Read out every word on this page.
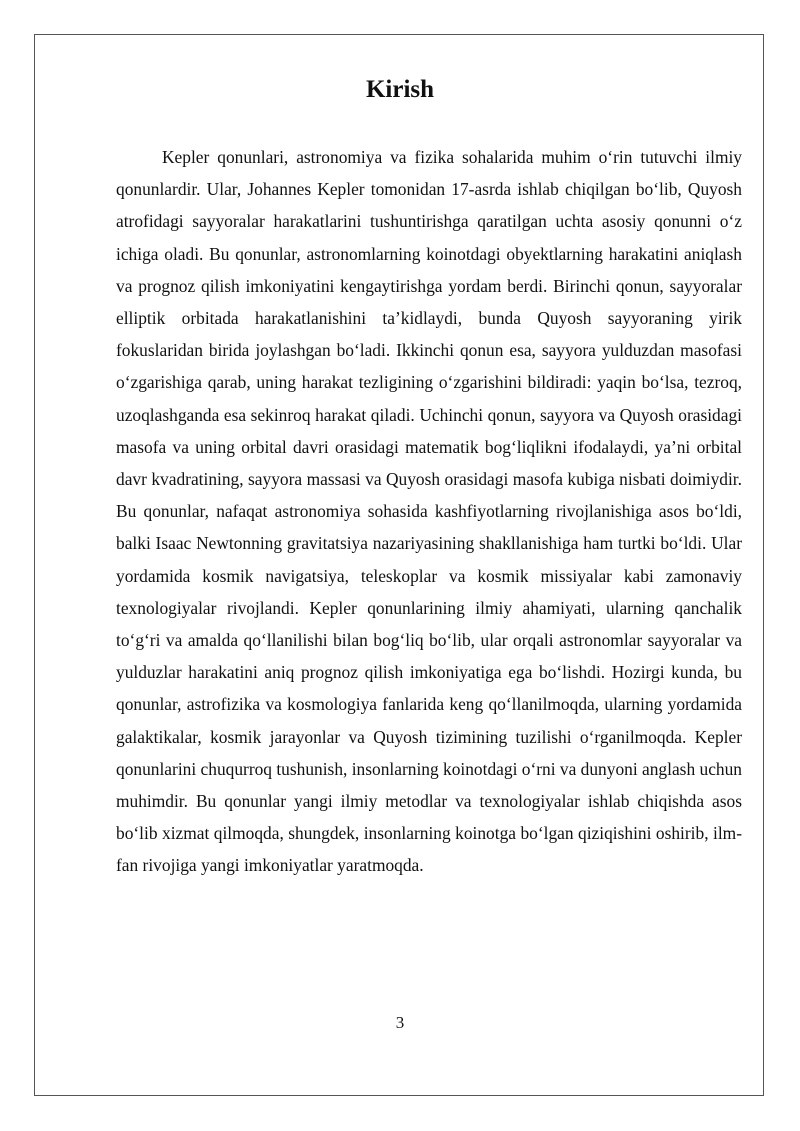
Kirish

Kepler qonunlari, astronomiya va fizika sohalarida muhim o‘rin tutuvchi ilmiy qonunlardir. Ular, Johannes Kepler tomonidan 17-asrda ishlab chiqilgan bo‘lib, Quyosh atrofidagi sayyoralar harakatlarini tushuntirishga qaratilgan uchta asosiy qonunni o‘z ichiga oladi. Bu qonunlar, astronomlarning koinotdagi obyektlarning harakatini aniqlash va prognoz qilish imkoniyatini kengaytirishga yordam berdi. Birinchi qonun, sayyoralar elliptik orbitada harakatlanishini ta’kidlaydi, bunda Quyosh sayyoraning yirik fokuslaridan birida joylashgan bo‘ladi. Ikkinchi qonun esa, sayyora yulduzdan masofasi o‘zgarishiga qarab, uning harakat tezligining o‘zgarishini bildiradi: yaqin bo‘lsa, tezroq, uzoqlashganda esa sekinroq harakat qiladi. Uchinchi qonun, sayyora va Quyosh orasidagi masofa va uning orbital davri orasidagi matematik bog‘liqlikni ifodalaydi, ya’ni orbital davr kvadratining, sayyora massasi va Quyosh orasidagi masofa kubiga nisbati doimiydir. Bu qonunlar, nafaqat astronomiya sohasida kashfiyotlarning rivojlanishiga asos bo‘ldi, balki Isaac Newtonning gravitatsiya nazariyasining shakllanishiga ham turtki bo‘ldi. Ular yordamida kosmik navigatsiya, teleskoplar va kosmik missiyalar kabi zamonaviy texnologiyalar rivojlandi. Kepler qonunlarining ilmiy ahamiyati, ularning qanchalik to‘g‘ri va amalda qo‘llanilishi bilan bog‘liq bo‘lib, ular orqali astronomlar sayyoralar va yulduzlar harakatini aniq prognoz qilish imkoniyatiga ega bo‘lishdi. Hozirgi kunda, bu qonunlar, astrofizika va kosmologiya fanlarida keng qo‘llanilmoqda, ularning yordamida galaktikalar, kosmik jarayonlar va Quyosh tizimining tuzilishi o‘rganilmoqda. Kepler qonunlarini chuqurroq tushunish, insonlarning koinotdagi o‘rni va dunyoni anglash uchun muhimdir. Bu qonunlar yangi ilmiy metodlar va texnologiyalar ishlab chiqishda asos bo‘lib xizmat qilmoqda, shungdek, insonlarning koinotga bo‘lgan qiziqishini oshirib, ilm-fan rivojiga yangi imkoniyatlar yaratmoqda.

3
